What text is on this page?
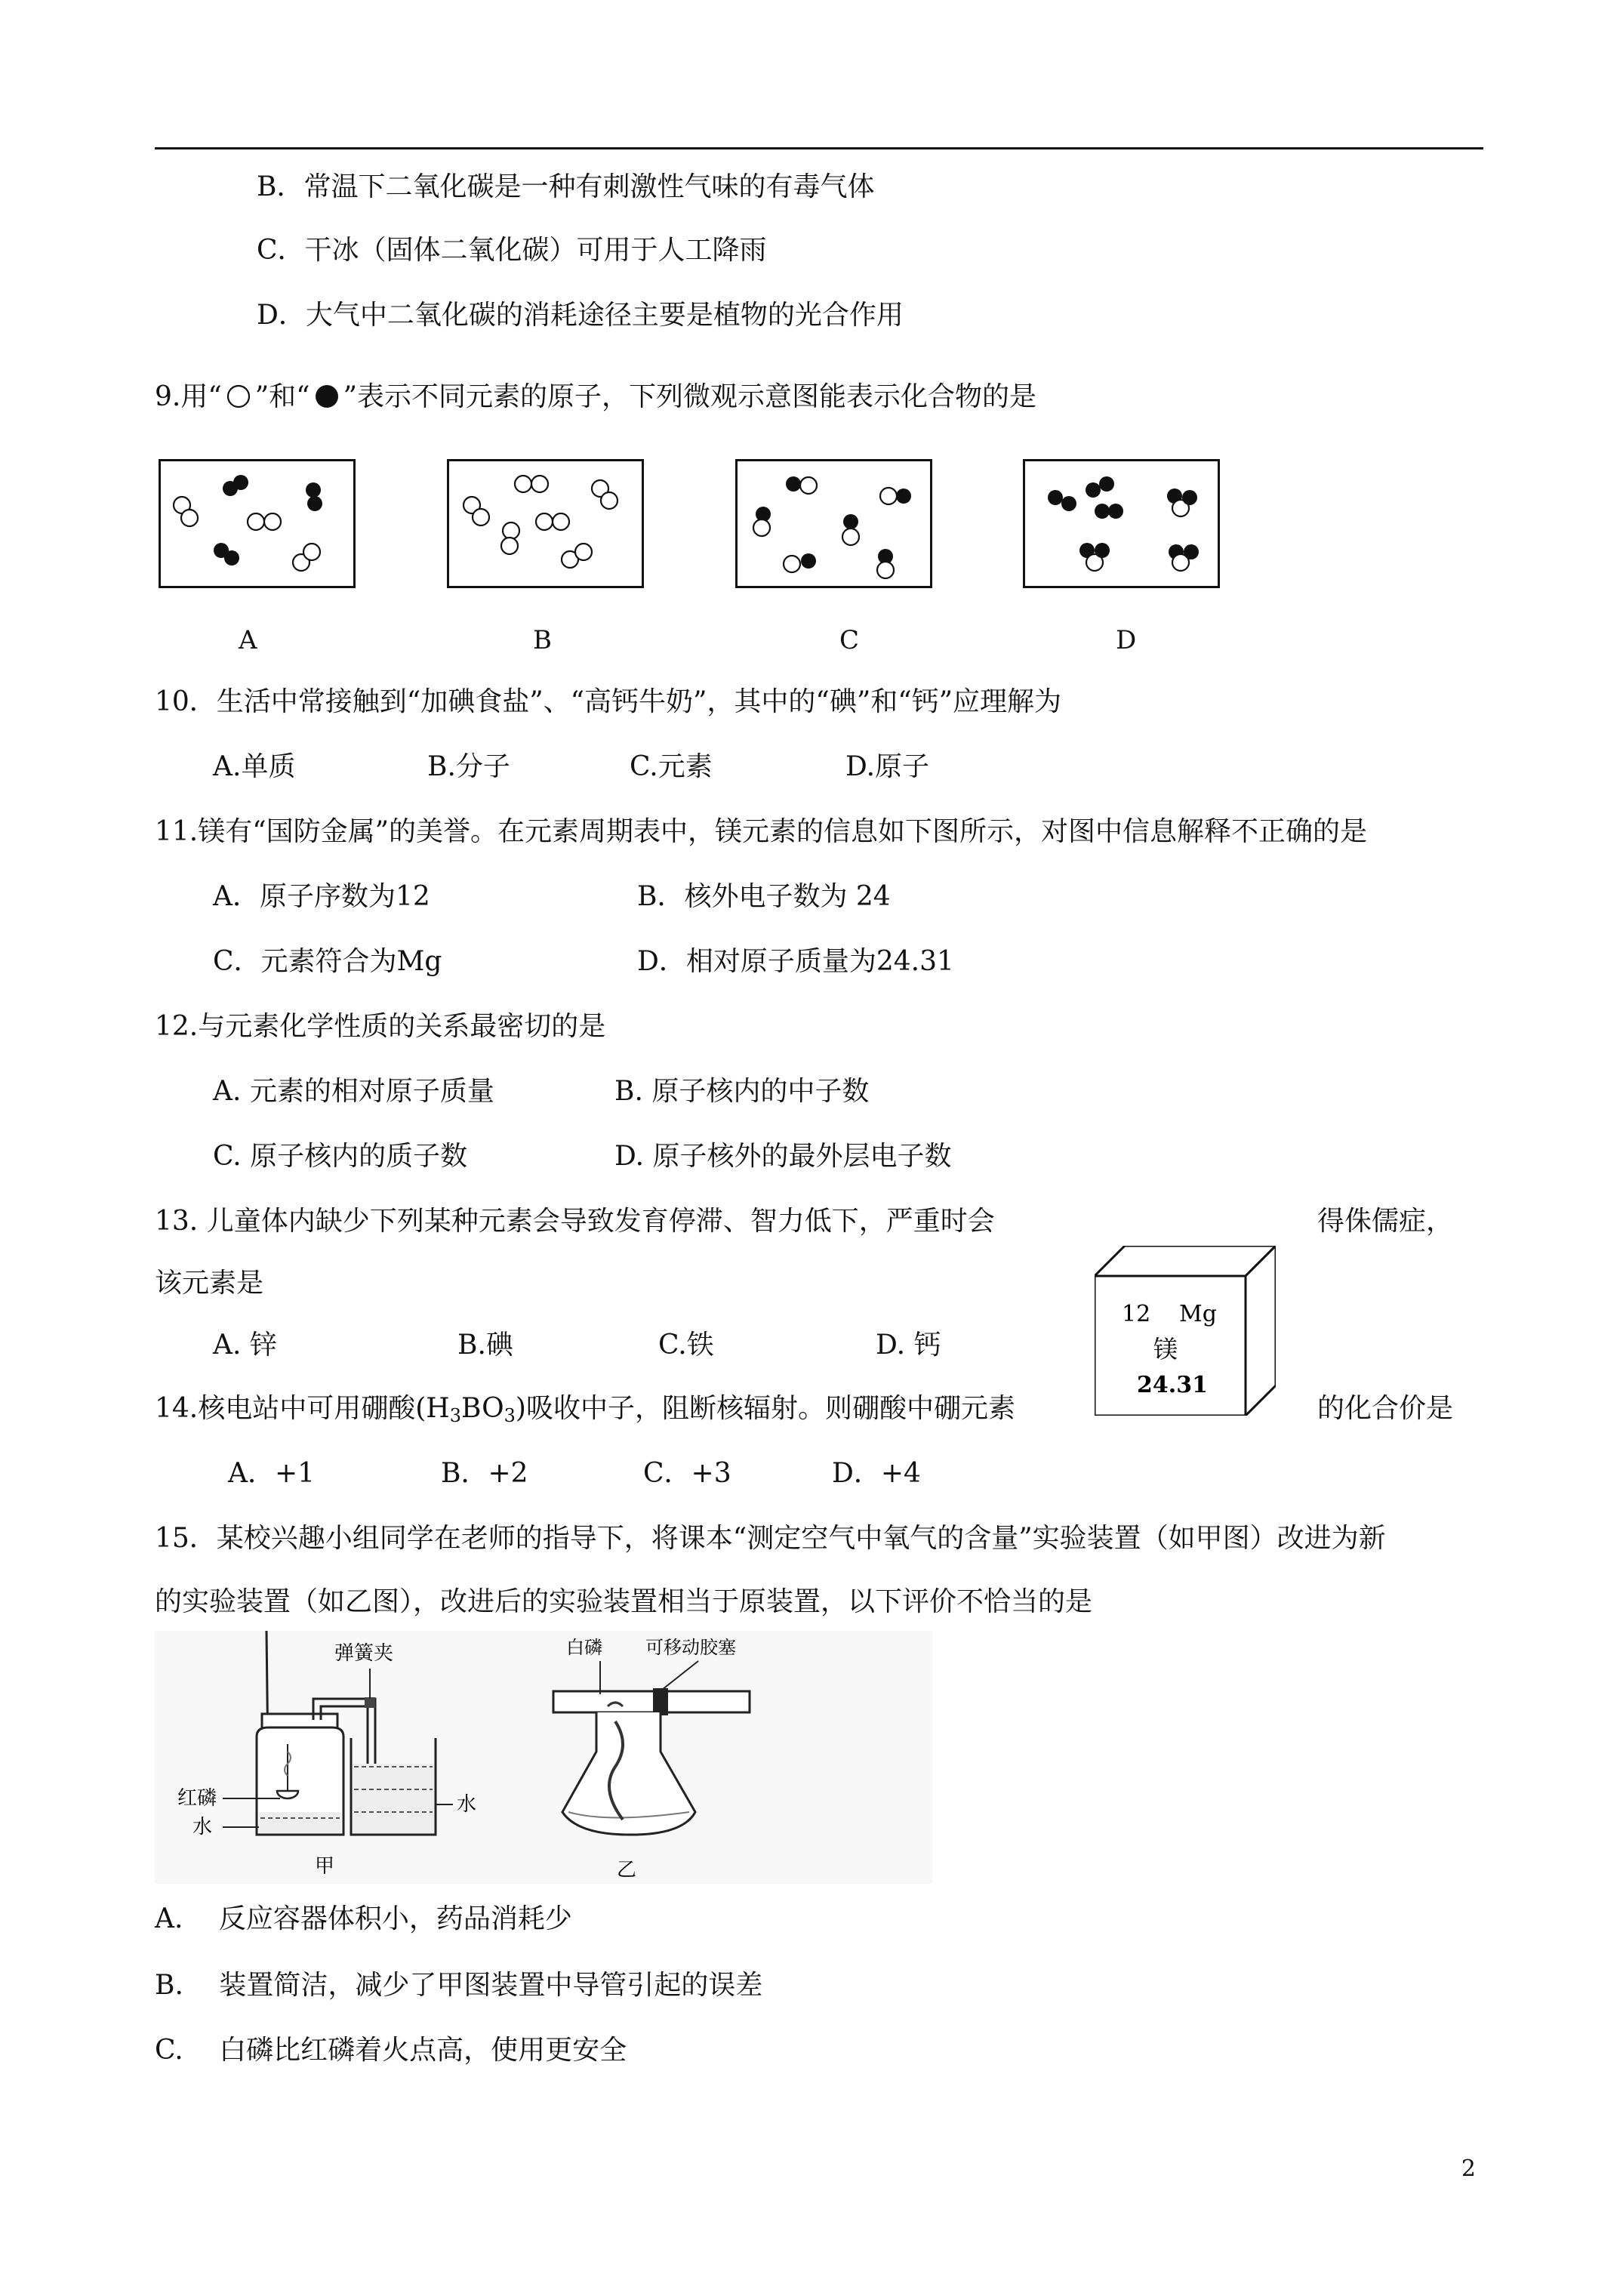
B．常温下二氧化碳是一种有刺激性气味的有毒气体
C．干冰（固体二氧化碳）可用于人工降雨
D．大气中二氧化碳的消耗途径主要是植物的光合作用
9.用“ ”和“ ”表示不同元素的原子，下列微观示意图能表示化合物的是
A	B	C	D
10．生活中常接触到“加碘食盐”、“高钙牛奶”，其中的“碘”和“钙”应理解为
A.单质	B.分子	C.元素	D.原子
11.镁有“国防金属”的美誉。在元素周期表中，镁元素的信息如下图所示，对图中信息解释不正确的是
A．原子序数为12	B．核外电子数为 24
C．元素符合为Mg	D．相对原子质量为24.31
12.与元素化学性质的关系最密切的是
A. 元素的相对原子质量	B. 原子核内的中子数
C. 原子核内的质子数	D. 原子核外的最外层电子数
13. 儿童体内缺少下列某种元素会导致发育停滞、智力低下，严重时会	得侏儒症，
该元素是
A. 锌	B.碘	C.铁	D. 钙
12 Mg
镁
24.31
14.核电站中可用硼酸$(H_3BO_3)$吸收中子，阻断核辐射。则硼酸中硼元素	的化合价是
A．+1	B．+2	C．+3	D．+4
15．某校兴趣小组同学在老师的指导下，将课本“测定空气中氧气的含量”实验装置（如甲图）改进为新
的实验装置（如乙图），改进后的实验装置相当于原装置，以下评价不恰当的是
弹簧夹
红磷
水
水
甲
白磷 可移动胶塞
乙
A.　 反应容器体积小，药品消耗少
B.　 装置简洁，减少了甲图装置中导管引起的误差
C.　 白磷比红磷着火点高，使用更安全
2
